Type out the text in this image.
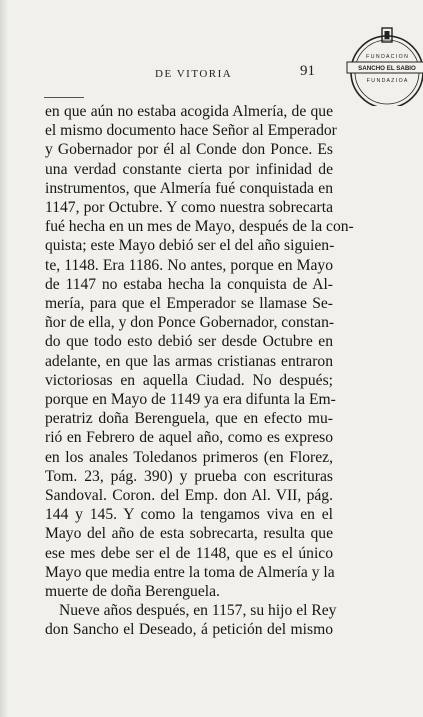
DE VITORIA	91
F U N D A C I O N
SANCHO EL SABIO
F U N D A Z I O A
en que aún no estaba acogida Almería, de que
el mismo documento hace Señor al Emperador
y Gobernador por él al Conde don Ponce. Es
una verdad constante cierta por infinidad de
instrumentos, que Almería fué conquistada en
1147, por Octubre. Y como nuestra sobrecarta
fué hecha en un mes de Mayo, después de la con-
quista; este Mayo debió ser el del año siguien-
te, 1148. Era 1186. No antes, porque en Mayo
de 1147 no estaba hecha la conquista de Al-
mería, para que el Emperador se llamase Se-
ñor de ella, y don Ponce Gobernador, constan-
do que todo esto debió ser desde Octubre en
adelante, en que las armas cristianas entraron
victoriosas en aquella Ciudad. No después;
porque en Mayo de 1149 ya era difunta la Em-
peratriz doña Berenguela, que en efecto mu-
rió en Febrero de aquel año, como es expreso
en los anales Toledanos primeros (en Florez,
Tom. 23, pág. 390) y prueba con escrituras
Sandoval. Coron. del Emp. don Al. VII, pág.
144 y 145. Y como la tengamos viva en el
Mayo del año de esta sobrecarta, resulta que
ese mes debe ser el de 1148, que es el único
Mayo que media entre la toma de Almería y la
muerte de doña Berenguela.
Nueve años después, en 1157, su hijo el Rey
don Sancho el Deseado, á petición del mismo
